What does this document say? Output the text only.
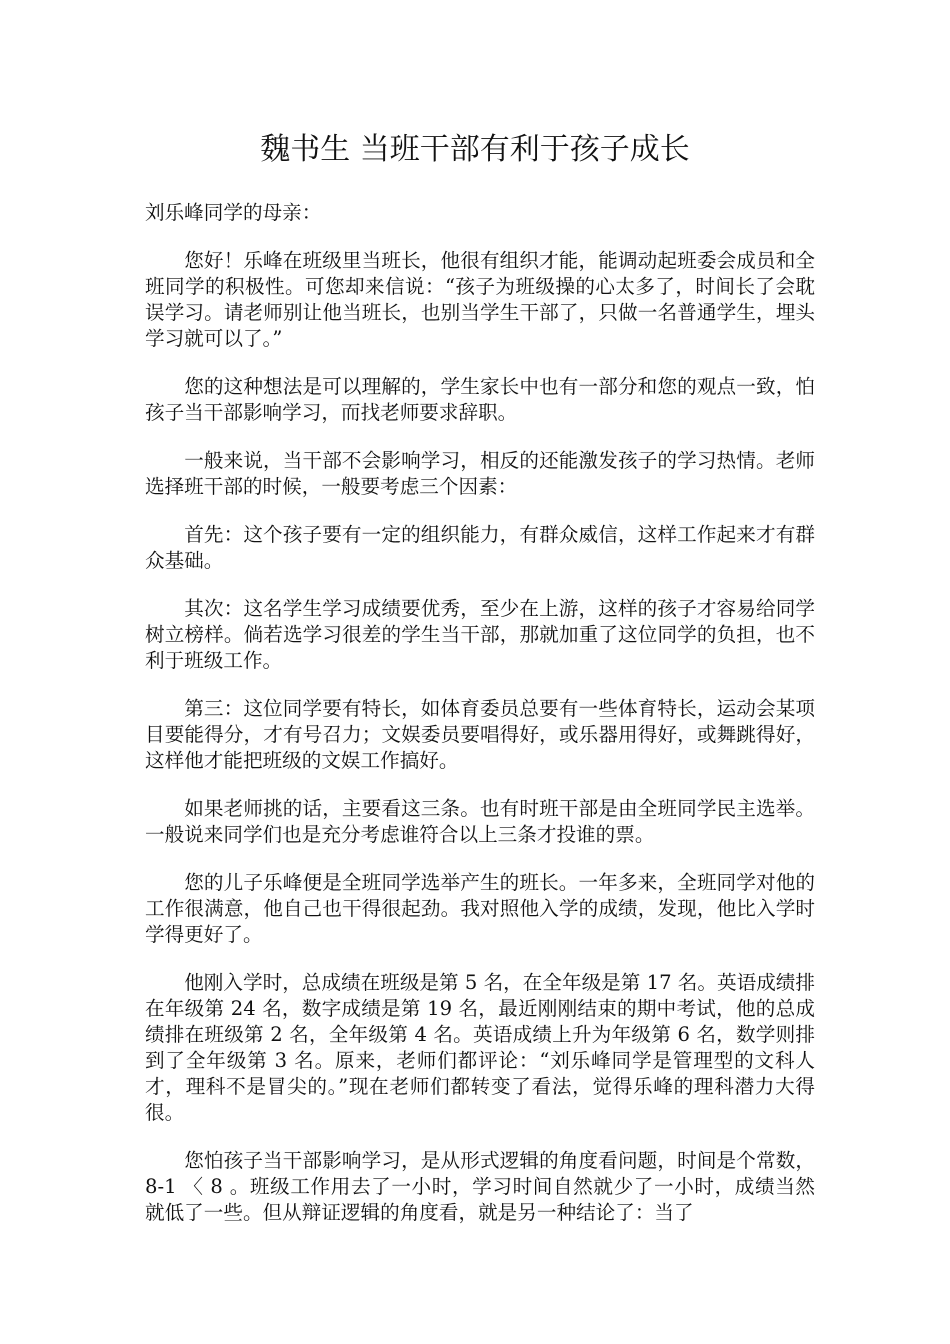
魏书生 当班干部有利于孩子成长

刘乐峰同学的母亲：

您好！乐峰在班级里当班长，他很有组织才能，能调动起班委会成员和全班同学的积极性。可您却来信说：“孩子为班级操的心太多了，时间长了会耽误学习。请老师别让他当班长，也别当学生干部了，只做一名普通学生，埋头学习就可以了。”

您的这种想法是可以理解的，学生家长中也有一部分和您的观点一致，怕孩子当干部影响学习，而找老师要求辞职。

一般来说，当干部不会影响学习，相反的还能激发孩子的学习热情。老师选择班干部的时候，一般要考虑三个因素：

首先：这个孩子要有一定的组织能力，有群众威信，这样工作起来才有群众基础。

其次：这名学生学习成绩要优秀，至少在上游，这样的孩子才容易给同学树立榜样。倘若选学习很差的学生当干部，那就加重了这位同学的负担，也不利于班级工作。

第三：这位同学要有特长，如体育委员总要有一些体育特长，运动会某项目要能得分，才有号召力；文娱委员要唱得好，或乐器用得好，或舞跳得好，这样他才能把班级的文娱工作搞好。

如果老师挑的话，主要看这三条。也有时班干部是由全班同学民主选举。一般说来同学们也是充分考虑谁符合以上三条才投谁的票。

您的儿子乐峰便是全班同学选举产生的班长。一年多来，全班同学对他的工作很满意，他自己也干得很起劲。我对照他入学的成绩，发现，他比入学时学得更好了。

他刚入学时，总成绩在班级是第 5 名，在全年级是第 17 名。英语成绩排在年级第 24 名，数字成绩是第 19 名，最近刚刚结束的期中考试，他的总成绩排在班级第 2 名，全年级第 4 名。英语成绩上升为年级第 6 名，数学则排到了全年级第 3 名。原来，老师们都评论：“刘乐峰同学是管理型的文科人才，理科不是冒尖的。”现在老师们都转变了看法，觉得乐峰的理科潜力大得很。

您怕孩子当干部影响学习，是从形式逻辑的角度看问题，时间是个常数， 8-1 〈 8 。班级工作用去了一小时，学习时间自然就少了一小时，成绩当然就低了一些。但从辩证逻辑的角度看，就是另一种结论了：当了
